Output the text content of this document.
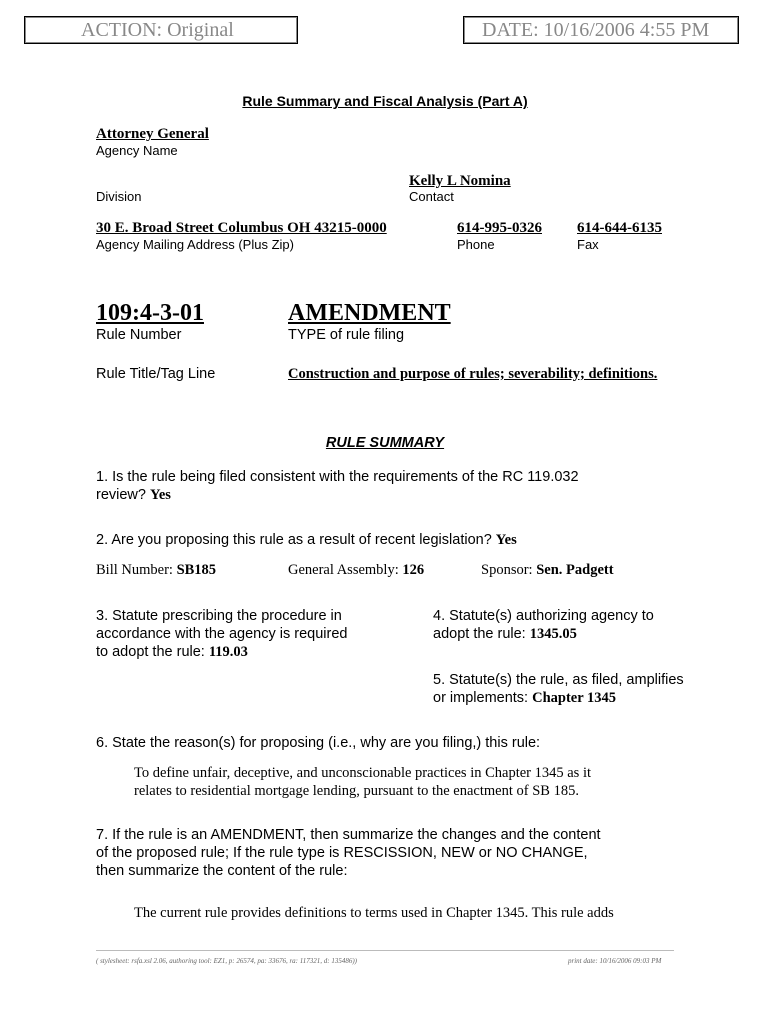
ACTION: Original	DATE: 10/16/2006 4:55 PM
Rule Summary and Fiscal Analysis (Part A)
Attorney General
Agency Name
Kelly L Nomina
Division	Contact
30 E. Broad Street Columbus OH 43215-0000	614-995-0326 614-644-6135
Agency Mailing Address (Plus Zip)	Phone	Fax
109:4-3-01	AMENDMENT
Rule Number	TYPE of rule filing
Rule Title/Tag Line	Construction and purpose of rules; severability; definitions.
RULE SUMMARY
1. Is the rule being filed consistent with the requirements of the RC 119.032
review? Yes
2. Are you proposing this rule as a result of recent legislation? Yes
Bill Number: SB185	General Assembly: 126	Sponsor: Sen. Padgett
3. Statute prescribing the procedure in
accordance with the agency is required
to adopt the rule: 119.03
4. Statute(s) authorizing agency to
adopt the rule: 1345.05
5. Statute(s) the rule, as filed, amplifies
or implements: Chapter 1345
6. State the reason(s) for proposing (i.e., why are you filing,) this rule:
To define unfair, deceptive, and unconscionable practices in Chapter 1345 as it
relates to residential mortgage lending, pursuant to the enactment of SB 185.
7. If the rule is an AMENDMENT, then summarize the changes and the content
of the proposed rule; If the rule type is RESCISSION, NEW or NO CHANGE,
then summarize the content of the rule:
The current rule provides definitions to terms used in Chapter 1345. This rule adds
( stylesheet: rsfa.xsl 2.06, authoring tool: EZ1, p: 26574, pa: 33676, ra: 117321, d: 135486))	print date: 10/16/2006 09:03 PM
